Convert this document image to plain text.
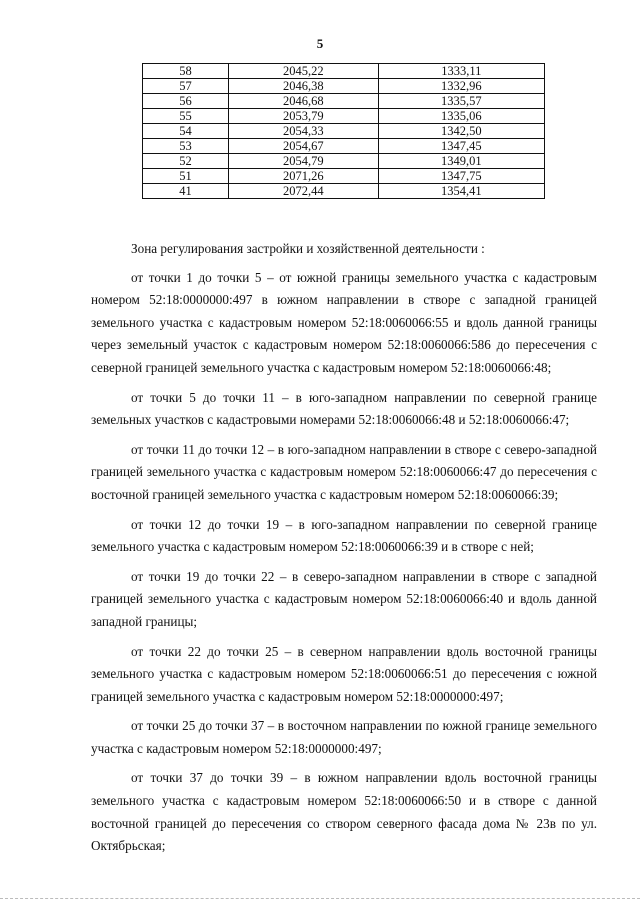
5
58	2045,22	1333,11
57	2046,38	1332,96
56	2046,68	1335,57
55	2053,79	1335,06
54	2054,33	1342,50
53	2054,67	1347,45
52	2054,79	1349,01
51	2071,26	1347,75
41	2072,44	1354,41

Зона регулирования застройки и хозяйственной деятельности :

от точки 1 до точки 5 – от южной границы земельного участка с кадастровым номером 52:18:0000000:497 в южном направлении в створе с западной границей земельного участка с кадастровым номером 52:18:0060066:55 и вдоль данной границы через земельный участок с кадастровым номером 52:18:0060066:586 до пересечения с северной границей земельного участка с кадастровым номером 52:18:0060066:48;

от точки 5 до точки 11 – в юго-западном направлении по северной границе земельных участков с кадастровыми номерами 52:18:0060066:48 и 52:18:0060066:47;

от точки 11 до точки 12 – в юго-западном направлении в створе с северо-западной границей земельного участка с кадастровым номером 52:18:0060066:47 до пересечения с восточной границей земельного участка с кадастровым номером 52:18:0060066:39;

от точки 12 до точки 19 – в юго-западном направлении по северной границе земельного участка с кадастровым номером 52:18:0060066:39 и в створе с ней;

от точки 19 до точки 22 – в северо-западном направлении в створе с западной границей земельного участка с кадастровым номером 52:18:0060066:40 и вдоль данной западной границы;

от точки 22 до точки 25 – в северном направлении вдоль восточной границы земельного участка с кадастровым номером 52:18:0060066:51 до пересечения с южной границей земельного участка с кадастровым номером 52:18:0000000:497;

от точки 25 до точки 37 – в восточном направлении по южной границе земельного участка с кадастровым номером 52:18:0000000:497;

от точки 37 до точки 39 – в южном направлении вдоль восточной границы земельного участка с кадастровым номером 52:18:0060066:50 и в створе с данной восточной границей до пересечения со створом северного фасада дома № 23в по ул. Октябрьская;
